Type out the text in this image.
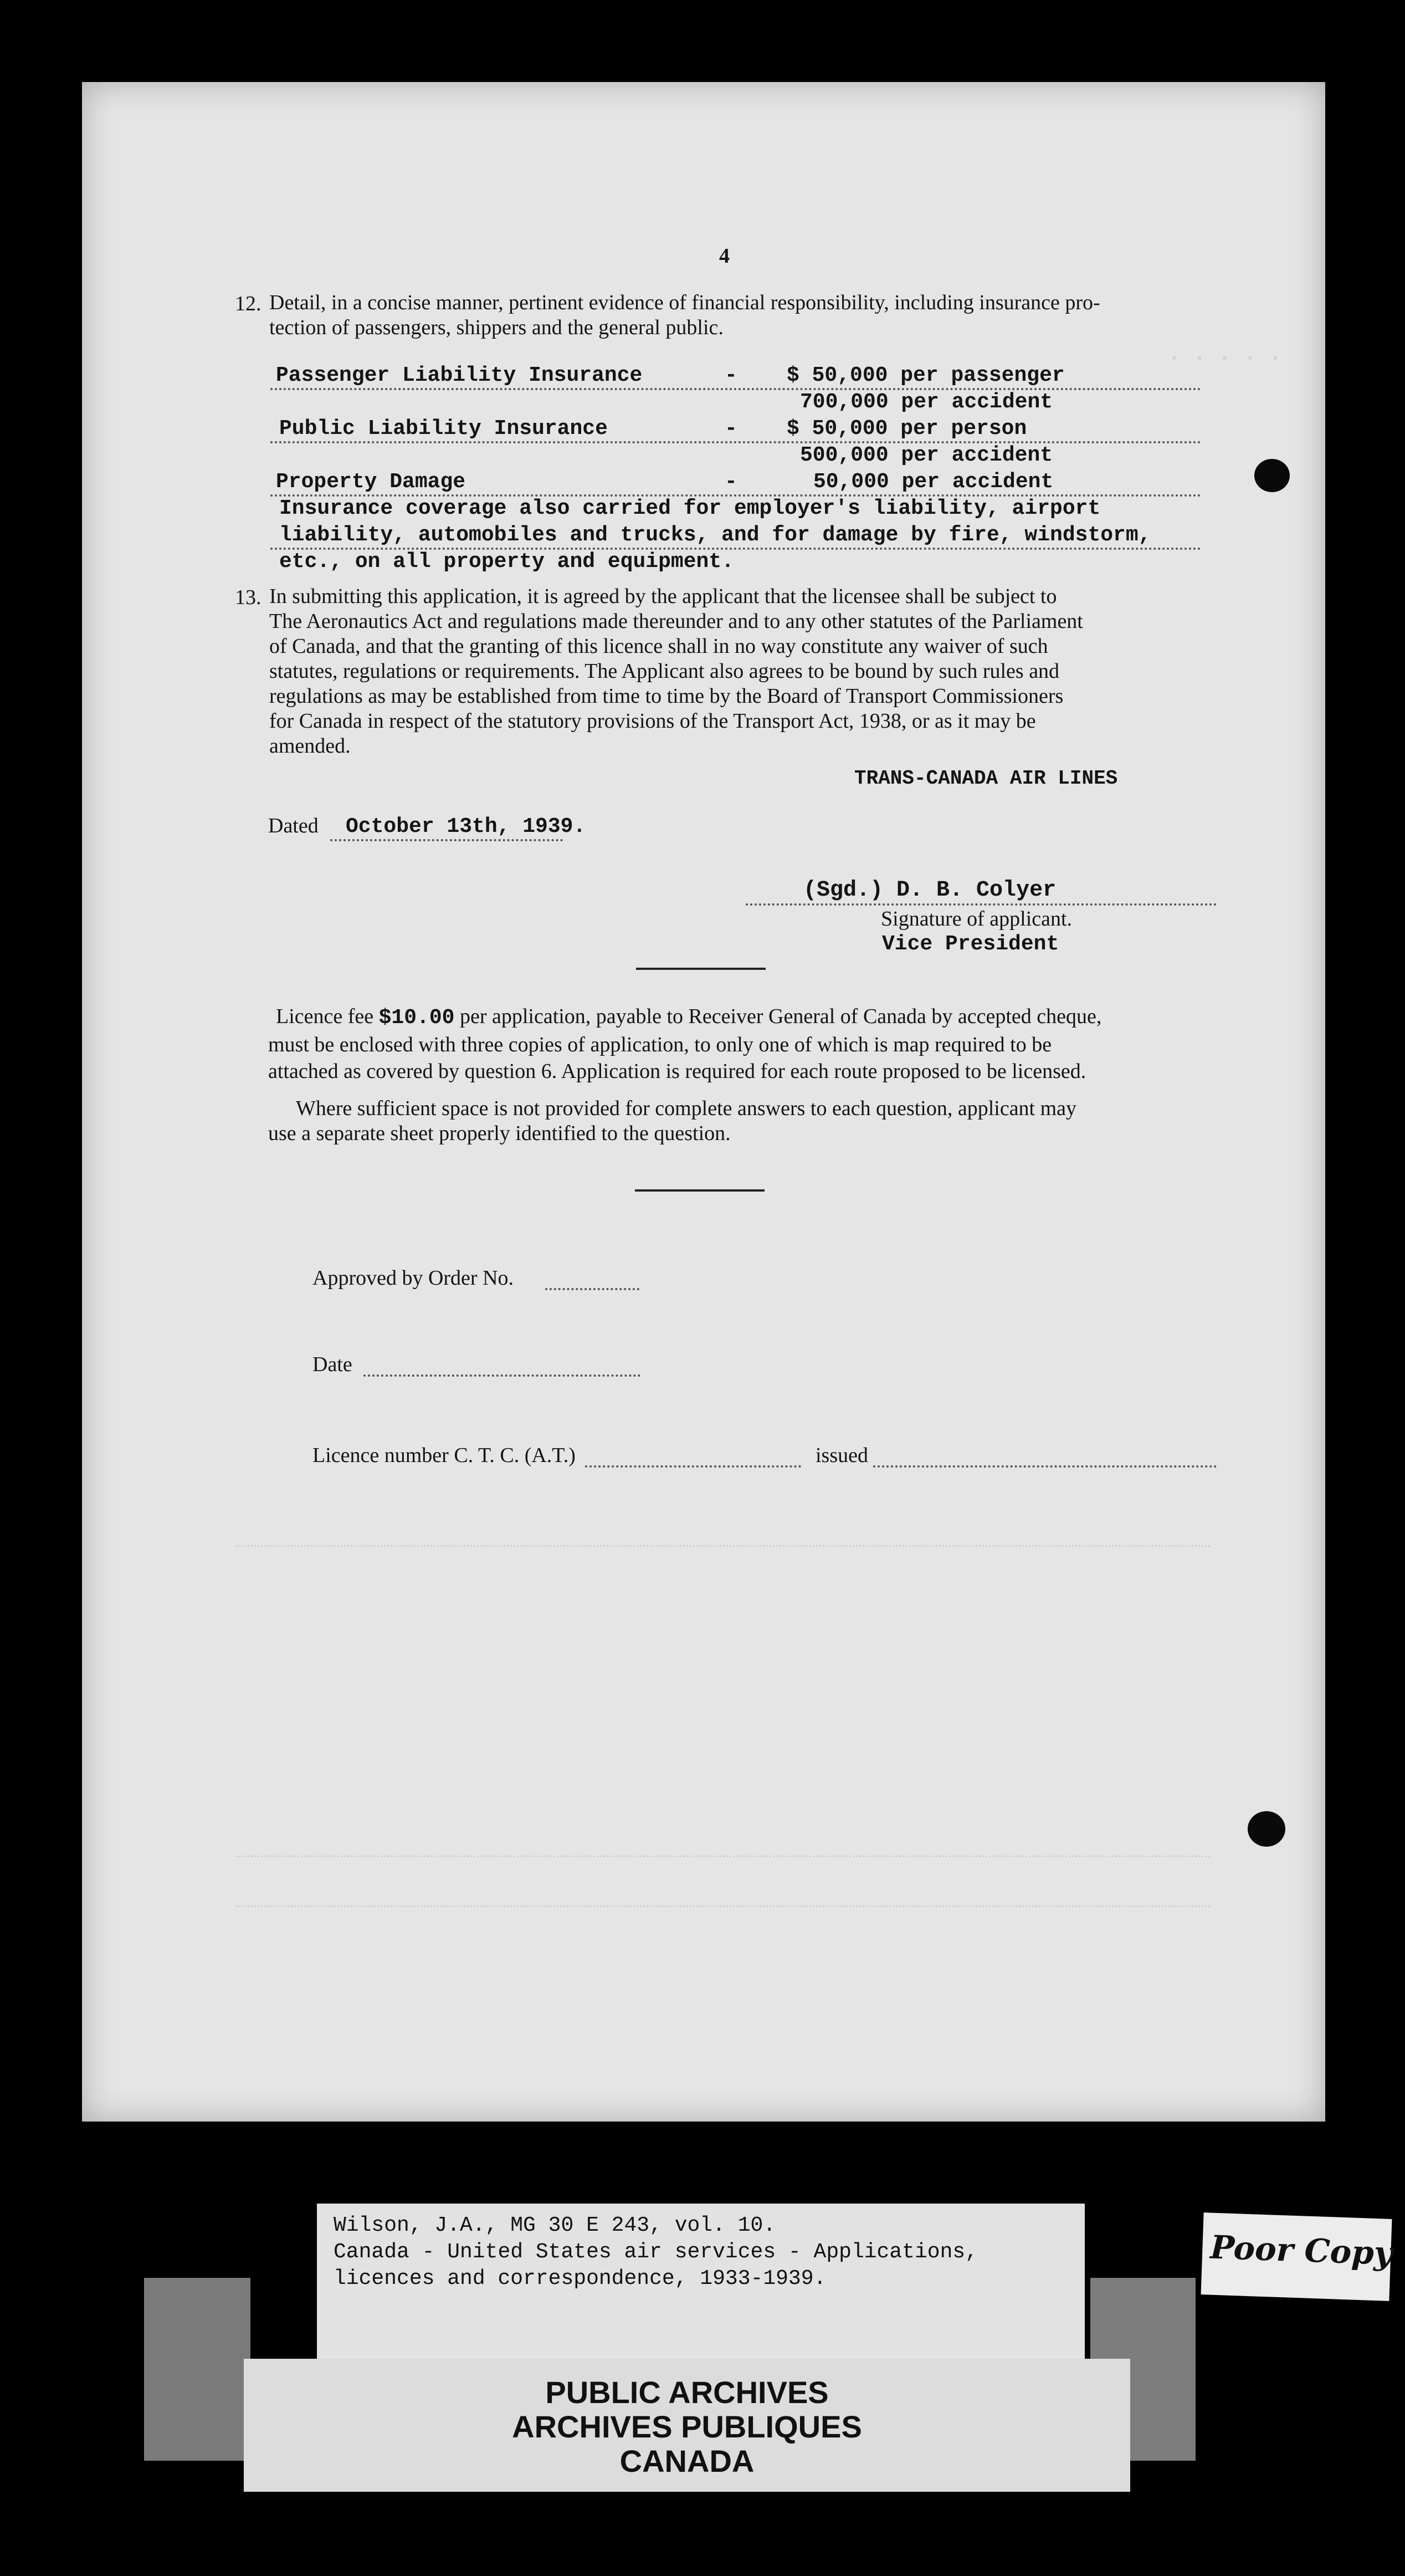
. . . . .
4
12. Detail, in a concise manner, pertinent evidence of financial responsibility, including insurance pro-
tection of passengers, shippers and the general public.
Passenger Liability Insurance	- $ 50,000 per passenger
700,000 per accident
Public Liability Insurance	- $ 50,000 per person
500,000 per accident
Property Damage	-	50,000 per accident
Insurance coverage also carried for employer's liability, airport
liability, automobiles and trucks, and for damage by fire, windstorm,
etc., on all property and equipment.
13. In submitting this application, it is agreed by the applicant that the licensee shall be subject to
The Aeronautics Act and regulations made thereunder and to any other statutes of the Parliament
of Canada, and that the granting of this licence shall in no way constitute any waiver of such
statutes, regulations or requirements. The Applicant also agrees to be bound by such rules and
regulations as may be established from time to time by the Board of Transport Commissioners
for Canada in respect of the statutory provisions of the Transport Act, 1938, or as it may be
amended.
TRANS-CANADA AIR LINES
Dated October 13th, 1939.
(Sgd.) D. B. Colyer
Signature of applicant.
Vice President
Licence fee $10.00 per application, payable to Receiver General of Canada by accepted cheque,
must be enclosed with three copies of application, to only one of which is map required to be
attached as covered by question 6. Application is required for each route proposed to be licensed.
Where sufficient space is not provided for complete answers to each question, applicant may
use a separate sheet properly identified to the question.
Approved by Order No.
Date
Licence number C. T. C. (A.T.)	issued
Wilson, J.A., MG 30 E 243, vol. 10.
Canada - United States air services - Applications,
licences and correspondence, 1933-1939.
PUBLIC ARCHIVES
ARCHIVES PUBLIQUES
CANADA
Poor Copy
